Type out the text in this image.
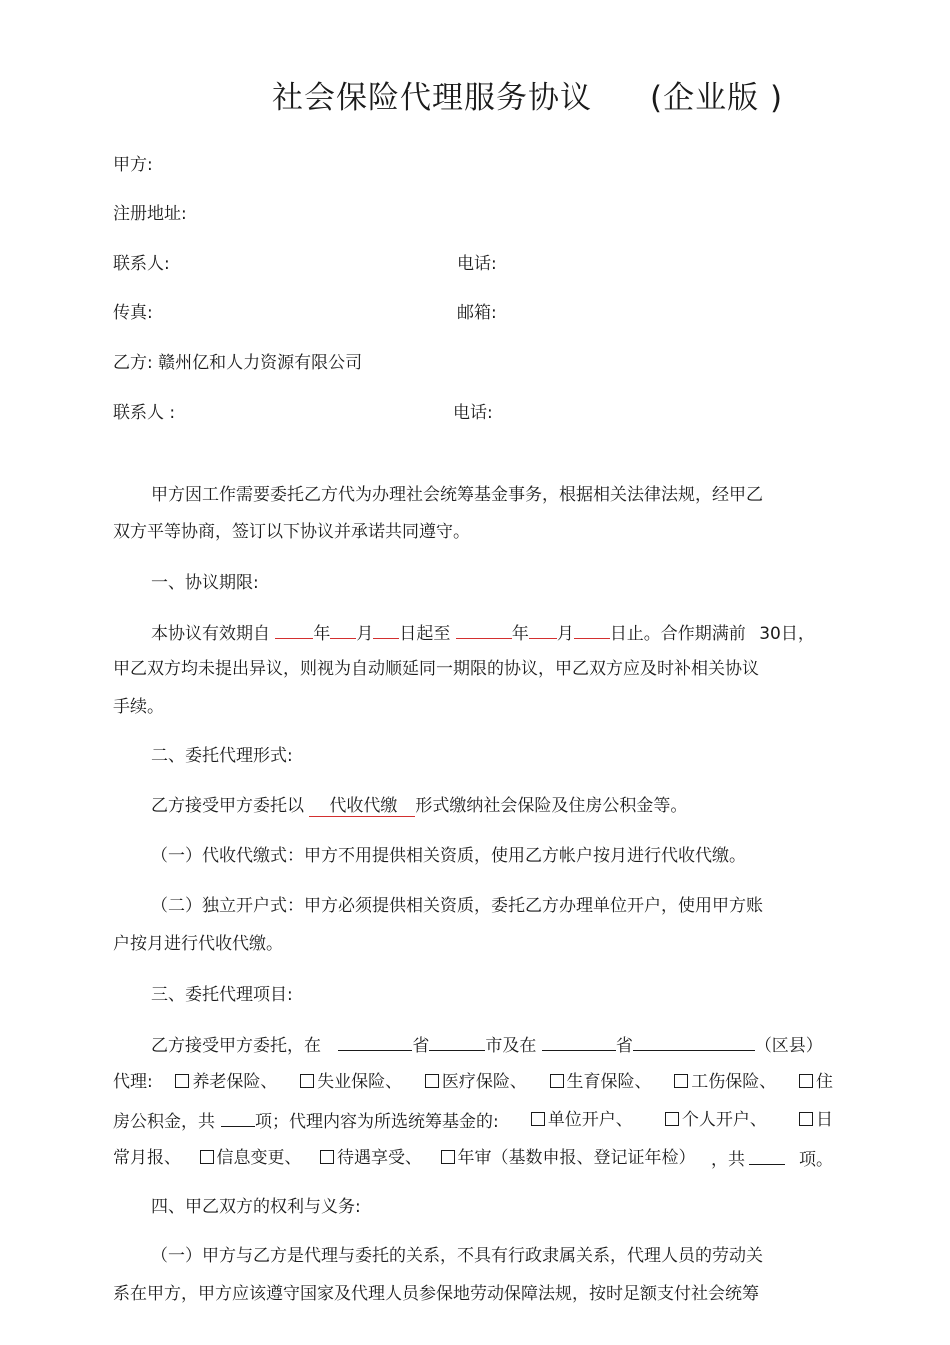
社会保险代理服务协议 (企业版 )
甲方:
注册地址:
联系人:	电话:
传真:	邮箱:
乙方: 赣州亿和人力资源有限公司
联系人 :	电话:
甲方因工作需要委托乙方代为办理社会统筹基金事务，根据相关法律法规，经甲乙
双方平等协商，签订以下协议并承诺共同遵守。
一、协议期限:
本协议有效期自	年 月 日起至	年 月 日止。合作期满前 30日，
甲乙双方均未提出异议，则视为自动顺延同一期限的协议，甲乙双方应及时补相关协议
手续。
二、委托代理形式:
乙方接受甲方委托以 代收代缴 形式缴纳社会保险及住房公积金等。
（一）代收代缴式：甲方不用提供相关资质，使用乙方帐户按月进行代收代缴。
（二）独立开户式：甲方必须提供相关资质，委托乙方办理单位开户，使用甲方账
户按月进行代收代缴。
三、委托代理项目:
乙方接受甲方委托，在	省	市及在	省	（区县）
代理:	养老保险、	失业保险、	医疗保险、	生育保险、	工伤保险、	住
房公积金，共 项；代理内容为所选统筹基金的:	单位开户、	个人开户、	日
常月报、	信息变更、	待遇享受、	年审（基数申报、登记证年检） ，共	项。
四、甲乙双方的权利与义务:
（一）甲方与乙方是代理与委托的关系，不具有行政隶属关系，代理人员的劳动关
系在甲方，甲方应该遵守国家及代理人员参保地劳动保障法规，按时足额支付社会统筹
